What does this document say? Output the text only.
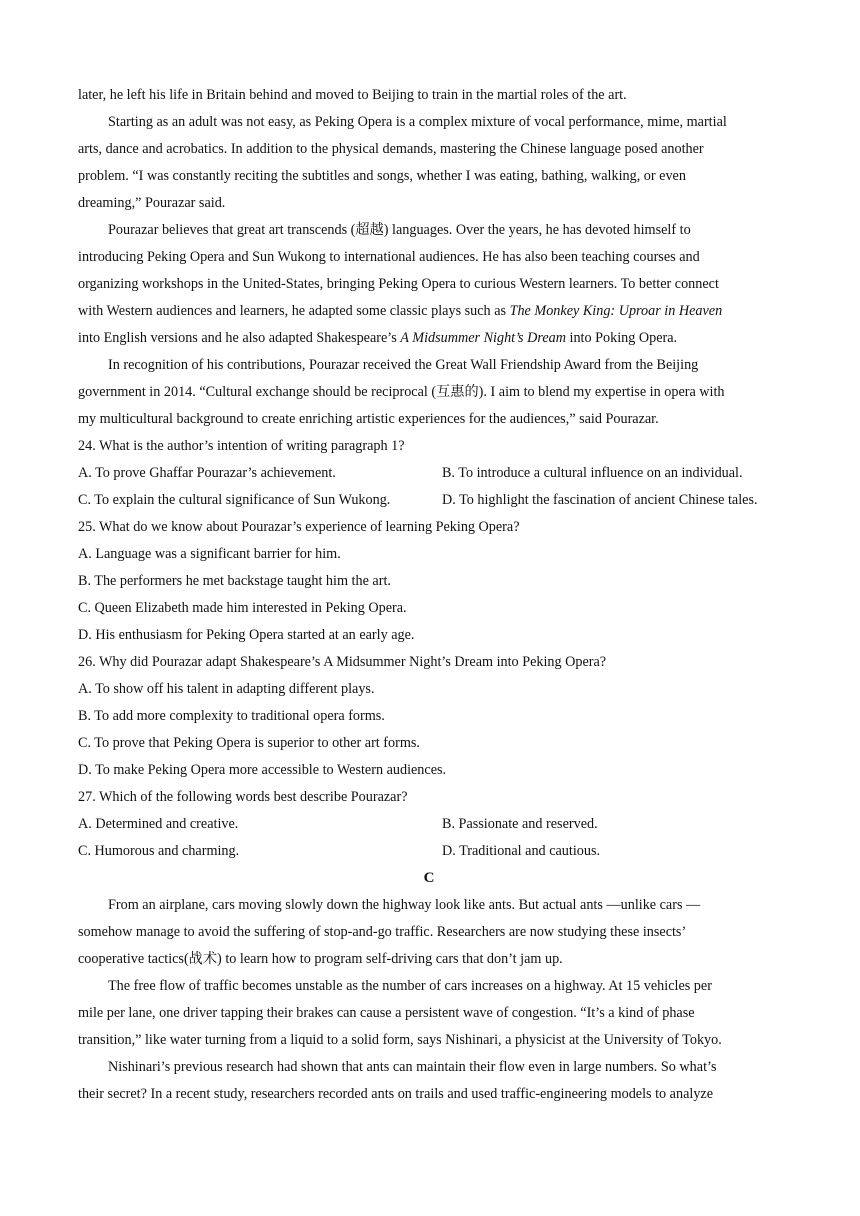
later, he left his life in Britain behind and moved to Beijing to train in the martial roles of the art.
Starting as an adult was not easy, as Peking Opera is a complex mixture of vocal performance, mime, martial
arts, dance and acrobatics. In addition to the physical demands, mastering the Chinese language posed another
problem. “I was constantly reciting the subtitles and songs, whether I was eating, bathing, walking, or even
dreaming,” Pourazar said.
Pourazar believes that great art transcends (超越) languages. Over the years, he has devoted himself to
introducing Peking Opera and Sun Wukong to international audiences. He has also been teaching courses and
organizing workshops in the United-States, bringing Peking Opera to curious Western learners. To better connect
with Western audiences and learners, he adapted some classic plays such as The Monkey King: Uproar in Heaven
into English versions and he also adapted Shakespeare’s A Midsummer Night’s Dream into Poking Opera.
In recognition of his contributions, Pourazar received the Great Wall Friendship Award from the Beijing
government in 2014. “Cultural exchange should be reciprocal (互惠的). I aim to blend my expertise in opera with
my multicultural background to create enriching artistic experiences for the audiences,” said Pourazar.
24. What is the author’s intention of writing paragraph 1?
A. To prove Ghaffar Pourazar’s achievement.	B. To introduce a cultural influence on an individual.
C. To explain the cultural significance of Sun Wukong.	D. To highlight the fascination of ancient Chinese tales.
25. What do we know about Pourazar’s experience of learning Peking Opera?
A. Language was a significant barrier for him.
B. The performers he met backstage taught him the art.
C. Queen Elizabeth made him interested in Peking Opera.
D. His enthusiasm for Peking Opera started at an early age.
26. Why did Pourazar adapt Shakespeare’s A Midsummer Night’s Dream into Peking Opera?
A. To show off his talent in adapting different plays.
B. To add more complexity to traditional opera forms.
C. To prove that Peking Opera is superior to other art forms.
D. To make Peking Opera more accessible to Western audiences.
27. Which of the following words best describe Pourazar?
A. Determined and creative.	B. Passionate and reserved.
C. Humorous and charming.	D. Traditional and cautious.
C
From an airplane, cars moving slowly down the highway look like ants. But actual ants —unlike cars —
somehow manage to avoid the suffering of stop-and-go traffic. Researchers are now studying these insects’
cooperative tactics(战术) to learn how to program self-driving cars that don’t jam up.
The free flow of traffic becomes unstable as the number of cars increases on a highway. At 15 vehicles per
mile per lane, one driver tapping their brakes can cause a persistent wave of congestion. “It’s a kind of phase
transition,” like water turning from a liquid to a solid form, says Nishinari, a physicist at the University of Tokyo.
Nishinari’s previous research had shown that ants can maintain their flow even in large numbers. So what’s
their secret? In a recent study, researchers recorded ants on trails and used traffic-engineering models to analyze
